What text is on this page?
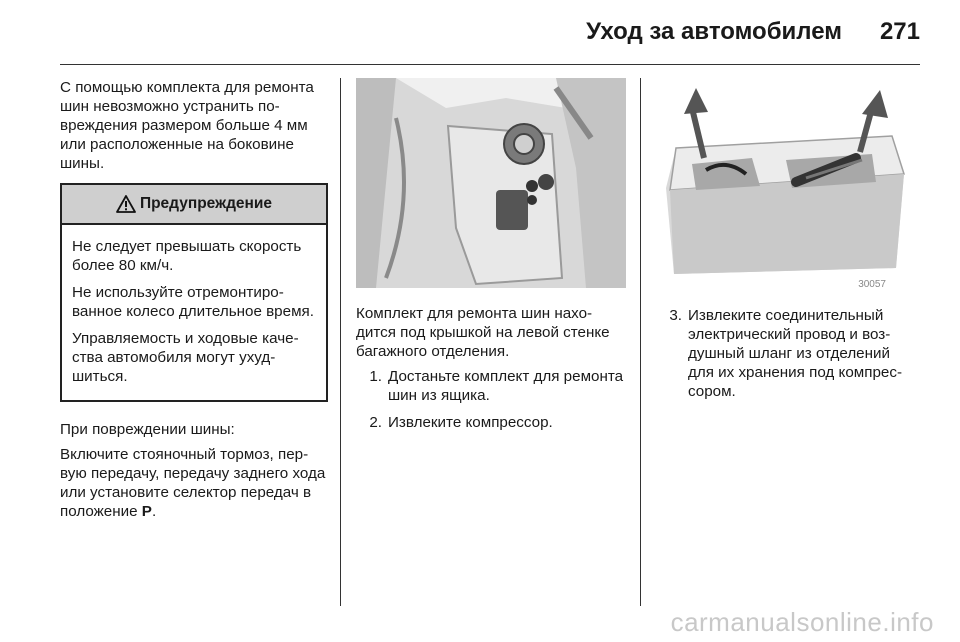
Уход за автомобилем 271

С помощью комплекта для ремонта шин невозможно устранить повреждения размером больше 4 мм или расположенные на боковине шины.

Предупреждение

Не следует превышать скорость более 80 км/ч.

Не используйте отремонтированное колесо длительное время.

Управляемость и ходовые качества автомобиля могут ухудшиться.

При повреждении шины:

Включите стояночный тормоз, первую передачу, передачу заднего хода или установите селектор передач в положение P.

Комплект для ремонта шин находится под крышкой на левой стенке багажного отделения.

1. Достаньте комплект для ремонта шин из ящика.
2. Извлеките компрессор.
30057
3. Извлеките соединительный электрический провод и воздушный шланг из отделений для их хранения под компрессором.
carmanualsonline.info
